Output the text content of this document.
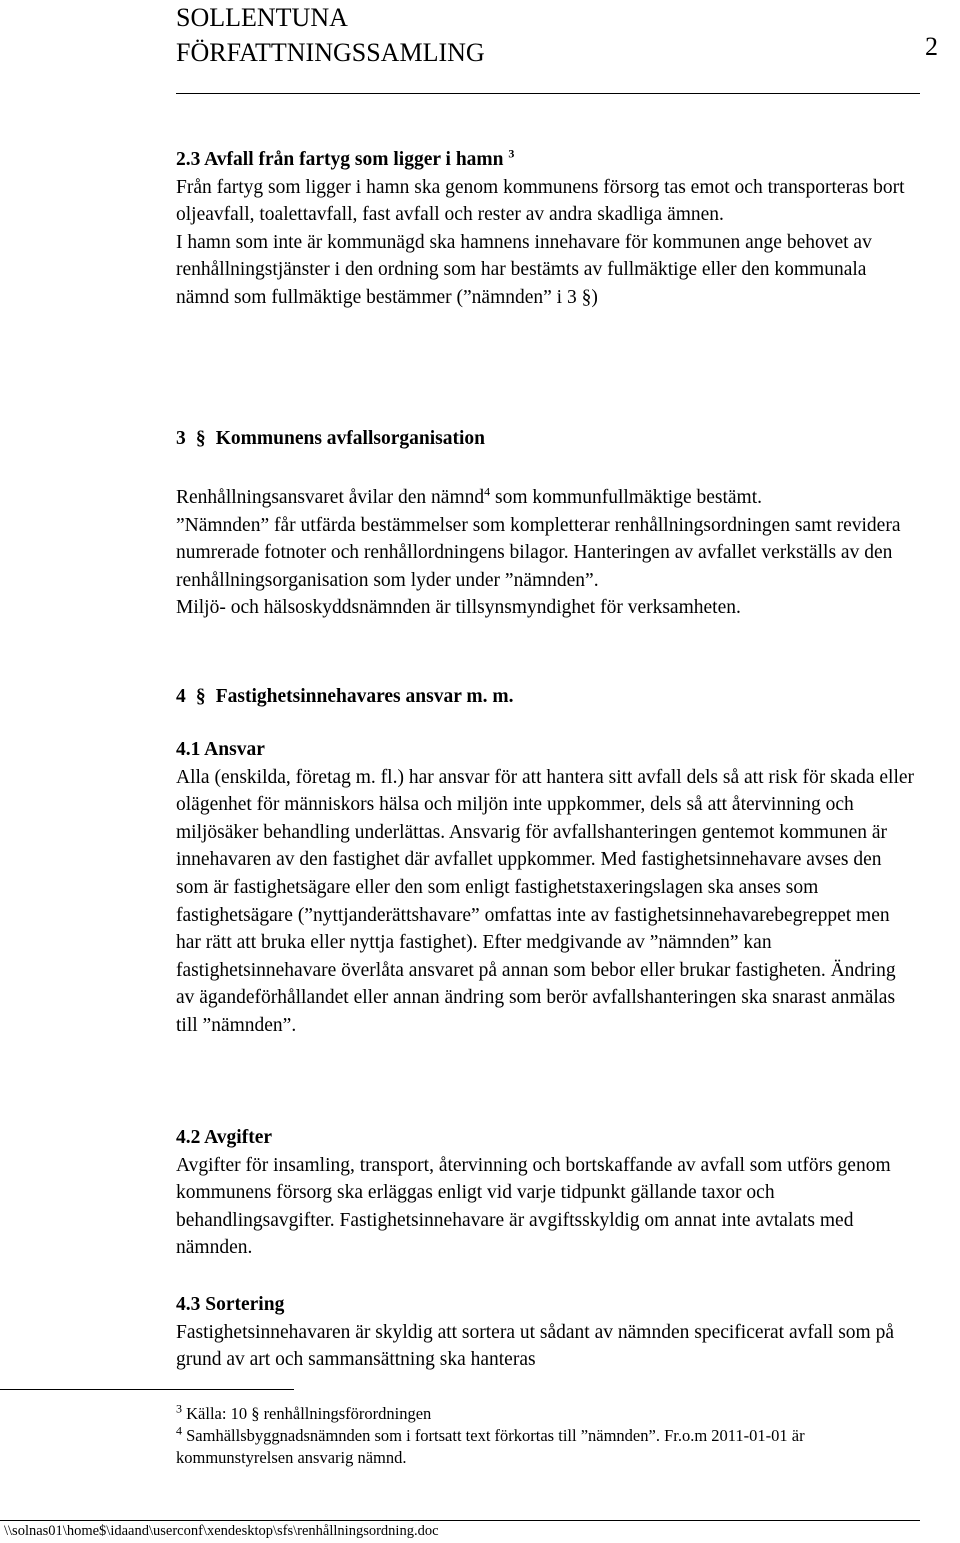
SOLLENTUNA
FÖRFATTNINGSSAMLING	2

2.3 Avfall från fartyg som ligger i hamn $^3$

Från fartyg som ligger i hamn ska genom kommunens försorg tas emot och transporteras bort oljeavfall, toalettavfall, fast avfall och rester av andra skadliga ämnen.

I hamn som inte är kommunägd ska hamnens innehavare för kommunen ange behovet av renhållningstjänster i den ordning som har bestämts av fullmäktige eller den kommunala nämnd som fullmäktige bestämmer (”nämnden” i 3 §)

3 § Kommunens avfallsorganisation

Renhållningsansvaret åvilar den nämnd$^4$ som kommunfullmäktige bestämt.

”Nämnden” får utfärda bestämmelser som kompletterar renhållningsordningen samt revidera numrerade fotnoter och renhållordningens bilagor. Hanteringen av avfallet verkställs av den renhållningsorganisation som lyder under ”nämnden”.

Miljö- och hälsoskyddsnämnden är tillsynsmyndighet för verksamheten.

4 § Fastighetsinnehavares ansvar m. m.

4.1 Ansvar

Alla (enskilda, företag m. fl.) har ansvar för att hantera sitt avfall dels så att risk för skada eller olägenhet för människors hälsa och miljön inte uppkommer, dels så att återvinning och miljösäker behandling underlättas. Ansvarig för avfallshanteringen gentemot kommunen är innehavaren av den fastighet där avfallet uppkommer. Med fastighetsinnehavare avses den som är fastighetsägare eller den som enligt fastighetstaxeringslagen ska anses som fastighetsägare (”nyttjanderättshavare” omfattas inte av fastighetsinnehavarebegreppet men har rätt att bruka eller nyttja fastighet). Efter medgivande av ”nämnden” kan fastighetsinnehavare överlåta ansvaret på annan som bebor eller brukar fastigheten. Ändring av ägandeförhållandet eller annan ändring som berör avfallshanteringen ska snarast anmälas till ”nämnden”.

4.2 Avgifter

Avgifter för insamling, transport, återvinning och bortskaffande av avfall som utförs genom kommunens försorg ska erläggas enligt vid varje tidpunkt gällande taxor och behandlingsavgifter. Fastighetsinnehavare är avgiftsskyldig om annat inte avtalats med nämnden.

4.3 Sortering

Fastighetsinnehavaren är skyldig att sortera ut sådant av nämnden specificerat avfall som på grund av art och sammansättning ska hanteras

$^3$ Källa: 10 § renhållningsförordningen

$^4$ Samhällsbyggnadsnämnden som i fortsatt text förkortas till ”nämnden”. Fr.o.m 2011-01-01 är kommunstyrelsen ansvarig nämnd.

\\solnas01\home$\idaand\userconf\xendesktop\sfs\renhållningsordning.doc
